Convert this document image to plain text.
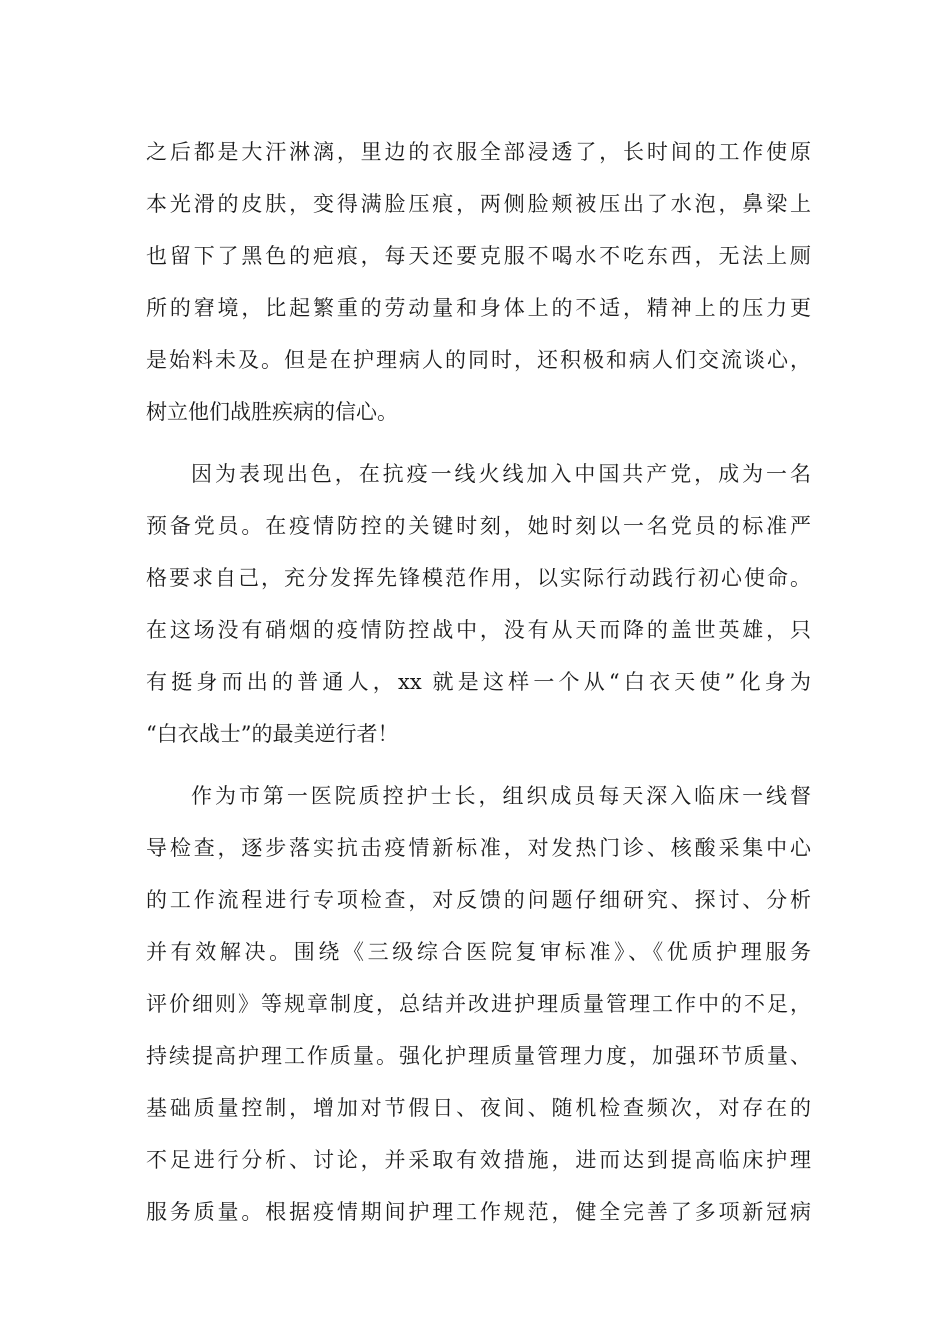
之后都是大汗淋漓，里边的衣服全部浸透了，长时间的工作使原
本光滑的皮肤，变得满脸压痕，两侧脸颊被压出了水泡，鼻梁上
也留下了黑色的疤痕，每天还要克服不喝水不吃东西，无法上厕
所的窘境，比起繁重的劳动量和身体上的不适，精神上的压力更
是始料未及。但是在护理病人的同时，还积极和病人们交流谈心，
树立他们战胜疾病的信心。
因为表现出色，在抗疫一线火线加入中国共产党，成为一名
预备党员。在疫情防控的关键时刻，她时刻以一名党员的标准严
格要求自己，充分发挥先锋模范作用，以实际行动践行初心使命。
在这场没有硝烟的疫情防控战中，没有从天而降的盖世英雄，只
有挺身而出的普通人，xx 就是这样一个从“白衣天使”化身为
“白衣战士”的最美逆行者！
作为市第一医院质控护士长，组织成员每天深入临床一线督
导检查，逐步落实抗击疫情新标准，对发热门诊、核酸采集中心
的工作流程进行专项检查，对反馈的问题仔细研究、探讨、分析
并有效解决。围绕《三级综合医院复审标准》、《优质护理服务
评价细则》等规章制度，总结并改进护理质量管理工作中的不足，
持续提高护理工作质量。强化护理质量管理力度，加强环节质量、
基础质量控制，增加对节假日、夜间、随机检查频次，对存在的
不足进行分析、讨论，并采取有效措施，进而达到提高临床护理
服务质量。根据疫情期间护理工作规范，健全完善了多项新冠病
